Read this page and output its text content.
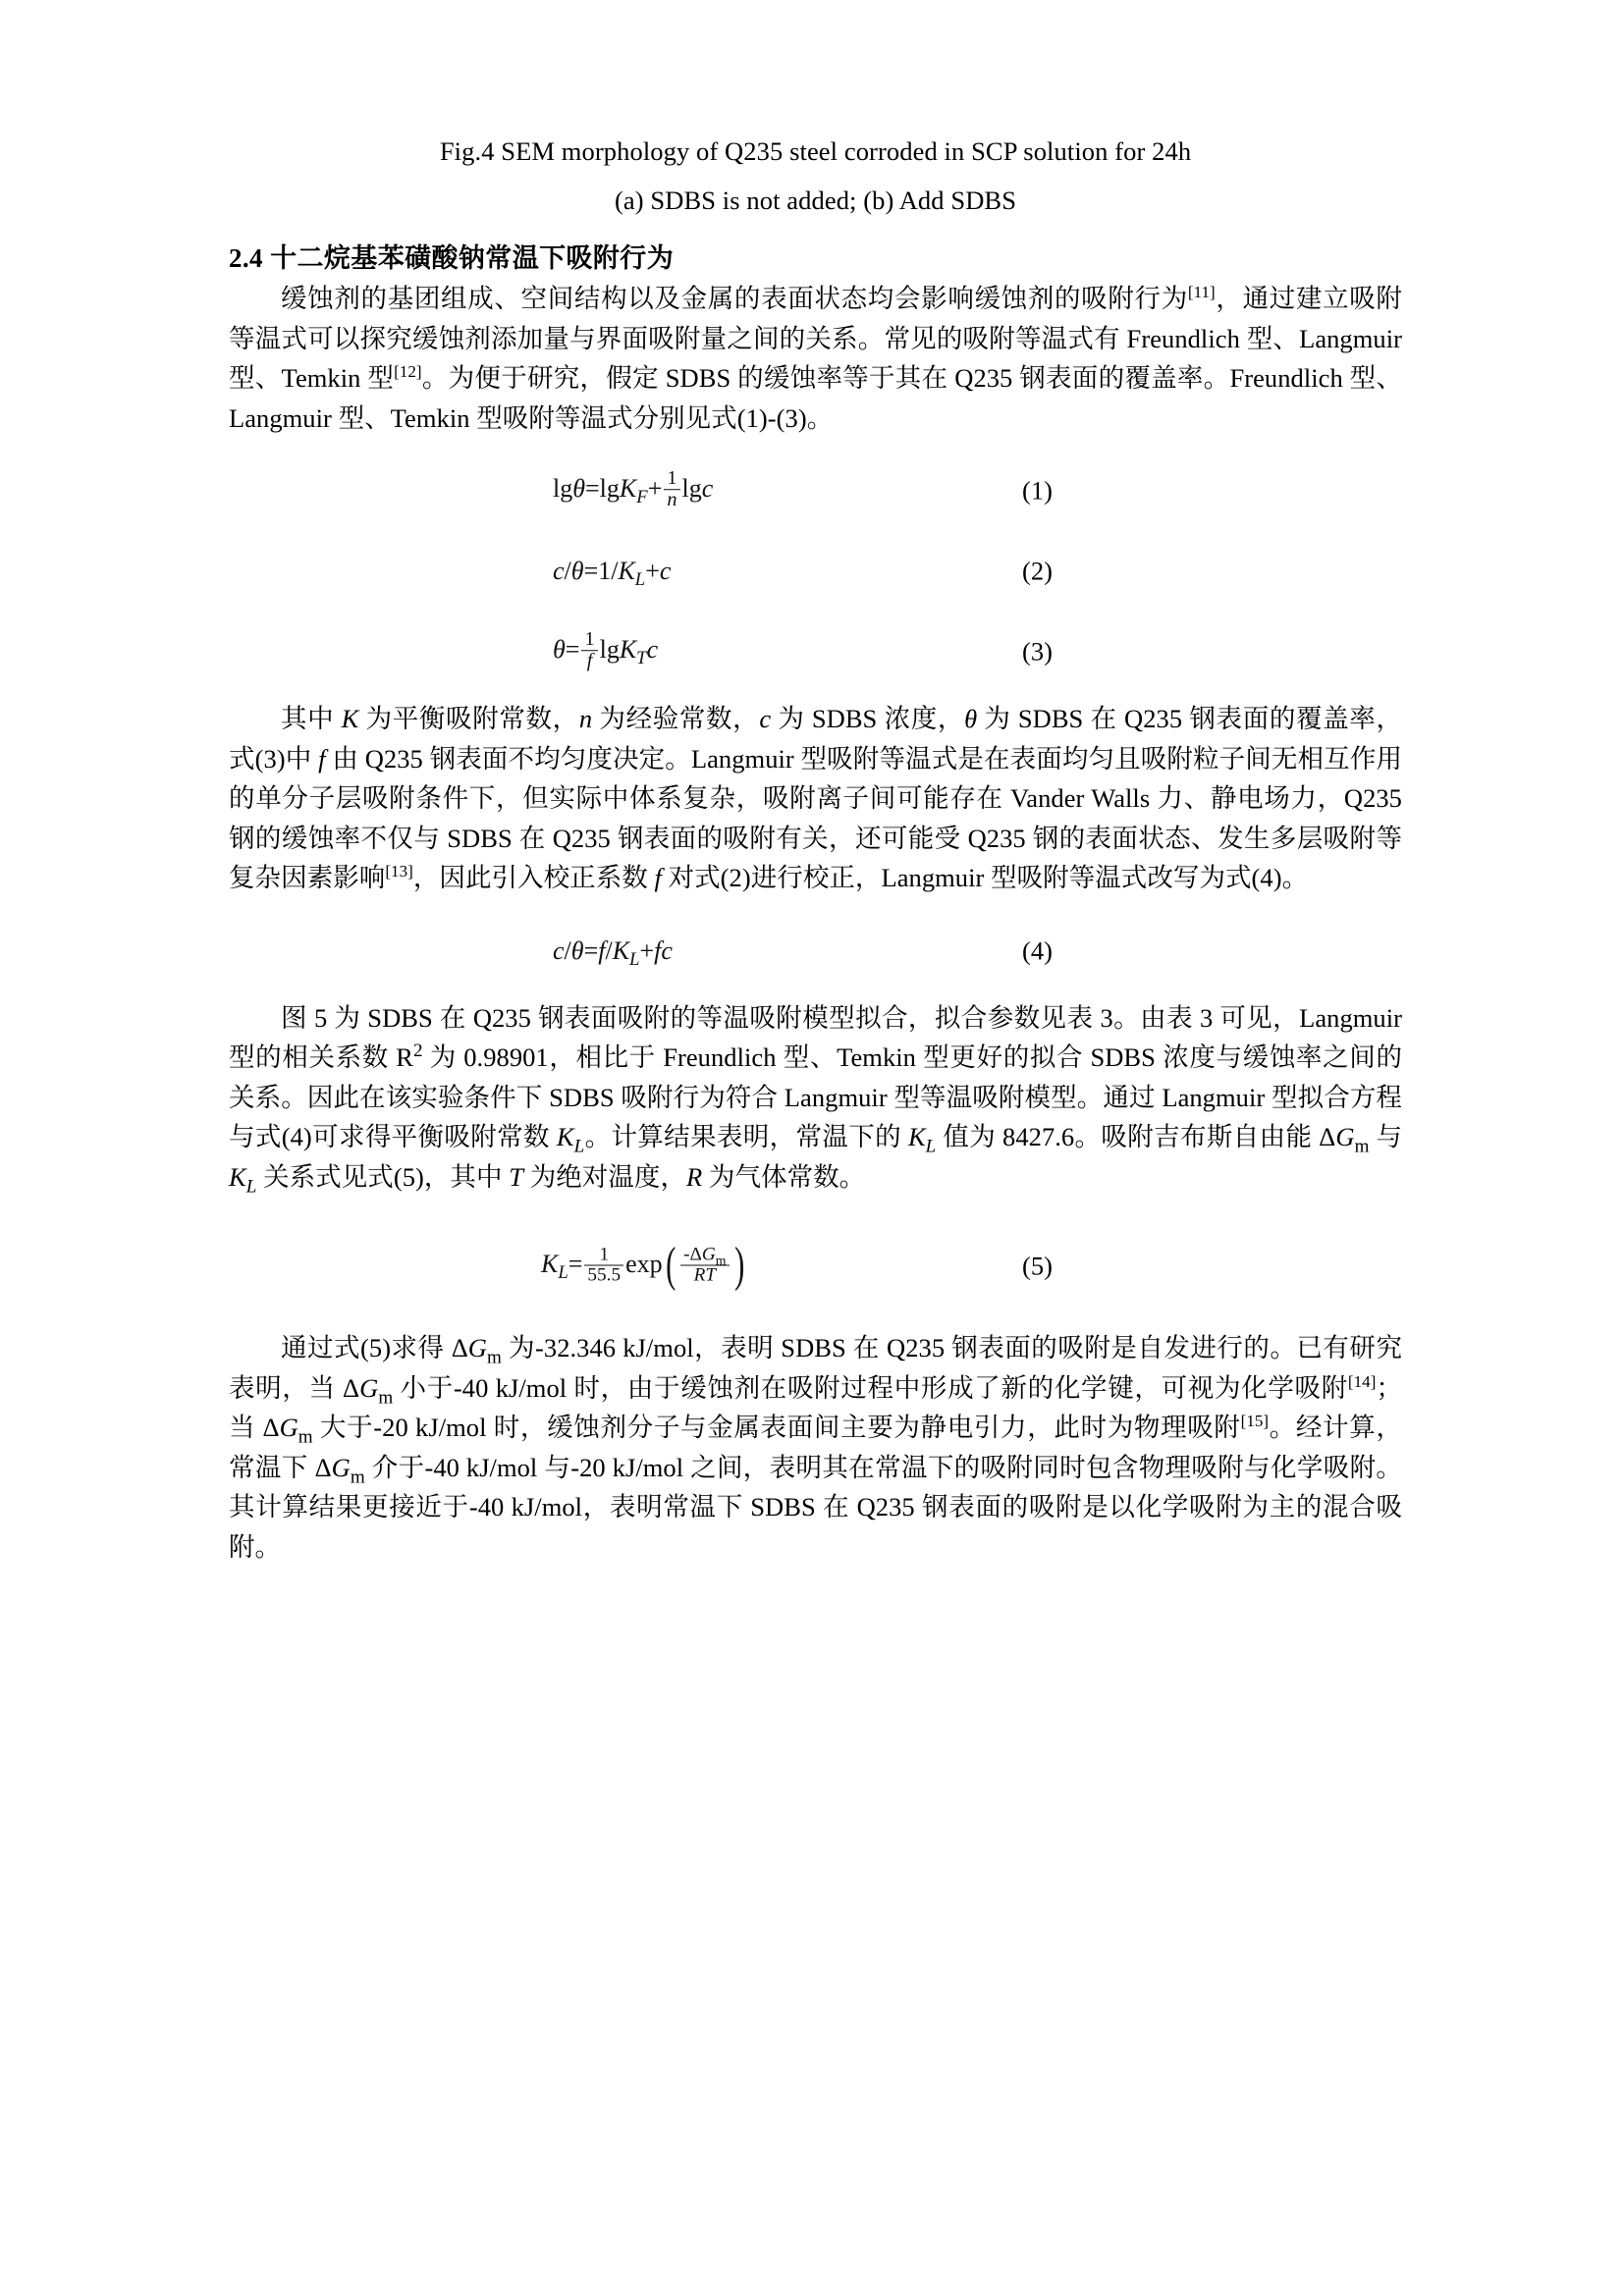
Fig.4 SEM morphology of Q235 steel corroded in SCP solution for 24h
(a) SDBS is not added; (b) Add SDBS
2.4 十二烷基苯磺酸钠常温下吸附行为

缓蚀剂的基团组成、空间结构以及金属的表面状态均会影响缓蚀剂的吸附行为[11]，通过建立吸附等温式可以探究缓蚀剂添加量与界面吸附量之间的关系。常见的吸附等温式有 Freundlich 型、Langmuir 型、Temkin 型[12]。为便于研究，假定 SDBS 的缓蚀率等于其在 Q235 钢表面的覆盖率。Freundlich 型、Langmuir 型、Temkin 型吸附等温式分别见式(1)-(3)。

$\lg\theta=\lg K_F+ \frac{1}{n}$ lgc	(1)
$c/\theta=1/K_L+c$	(2)
$\theta= \frac{1}{f} \lg K_Tc$	(3)

其中 K 为平衡吸附常数，n 为经验常数，c 为 SDBS 浓度，θ 为 SDBS 在 Q235 钢表面的覆盖率，式(3)中 f 由 Q235 钢表面不均匀度决定。Langmuir 型吸附等温式是在表面均匀且吸附粒子间无相互作用的单分子层吸附条件下，但实际中体系复杂，吸附离子间可能存在 Vander Walls 力、静电场力，Q235 钢的缓蚀率不仅与 SDBS 在 Q235 钢表面的吸附有关，还可能受 Q235 钢的表面状态、发生多层吸附等复杂因素影响[13]，因此引入校正系数 f 对式(2)进行校正，Langmuir 型吸附等温式改写为式(4)。

$c/\theta=f/K_L+fc$	(4)

图 5 为 SDBS 在 Q235 钢表面吸附的等温吸附模型拟合，拟合参数见表 3。由表 3 可见，Langmuir 型的相关系数 $R^2$ 为 0.98901，相比于 Freundlich 型、Temkin 型更好的拟合 SDBS 浓度与缓蚀率之间的关系。因此在该实验条件下 SDBS 吸附行为符合 Langmuir 型等温吸附模型。通过 Langmuir 型拟合方程与式(4)可求得平衡吸附常数 $K_L$。计算结果表明，常温下的 $K_L$ 值为 8427.6。吸附吉布斯自由能 $\Delta G_m$ 与 $K_L$ 关系式见式(5)，其中 T 为绝对温度，R 为气体常数。

$K_L= \frac{1}{55.5} \exp( \frac{-\Delta G_m}{RT}$ )	(5)

通过式(5)求得 $\Delta G_m$ 为-32.346 kJ/mol，表明 SDBS 在 Q235 钢表面的吸附是自发进行的。已有研究表明，当 $\Delta G_m$ 小于-40 kJ/mol 时，由于缓蚀剂在吸附过程中形成了新的化学键，可视为化学吸附[14]；当 $\Delta G_m$ 大于-20 kJ/mol 时，缓蚀剂分子与金属表面间主要为静电引力，此时为物理吸附[15]。经计算，常温下 $\Delta G_m$ 介于-40 kJ/mol 与-20 kJ/mol 之间，表明其在常温下的吸附同时包含物理吸附与化学吸附。其计算结果更接近于-40 kJ/mol，表明常温下 SDBS 在 Q235 钢表面的吸附是以化学吸附为主的混合吸附。
